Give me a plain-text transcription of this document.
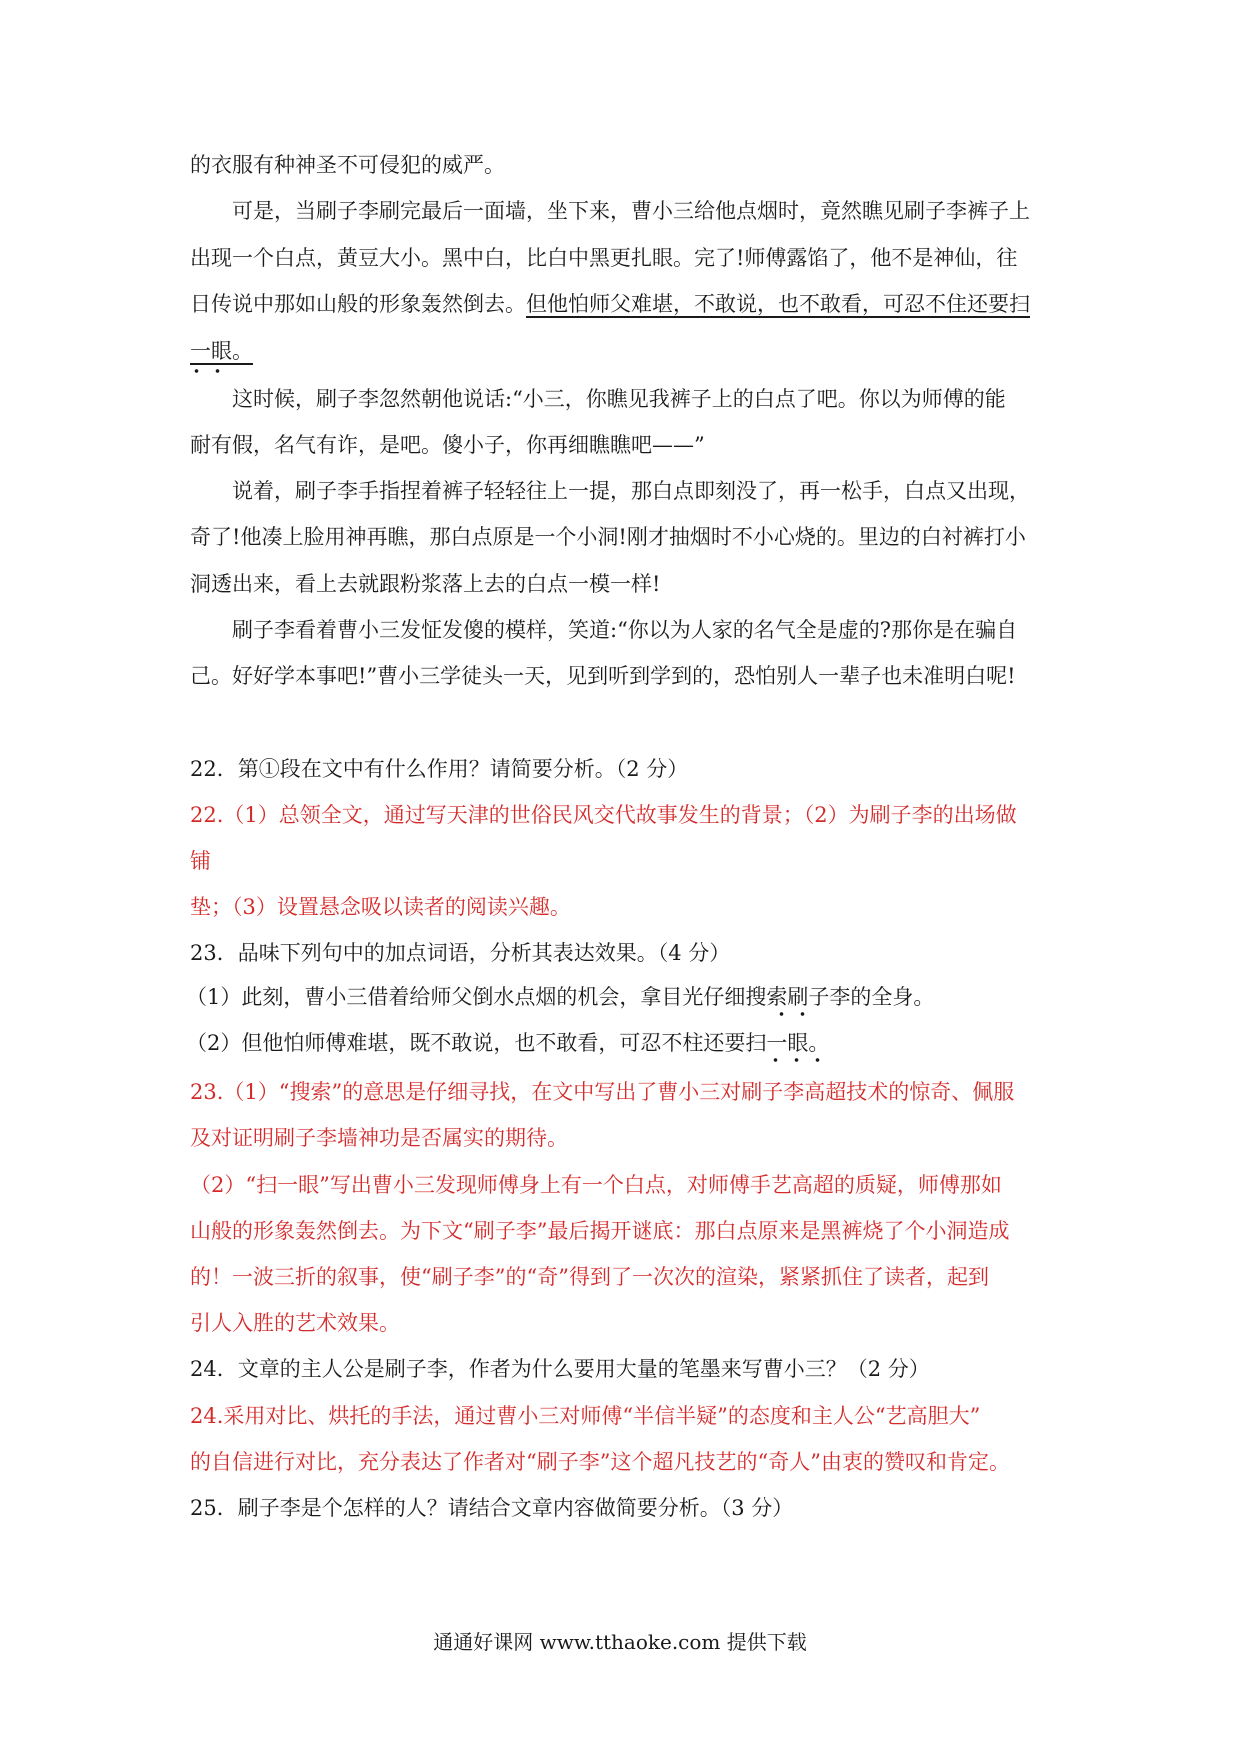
的衣服有种神圣不可侵犯的威严。
可是，当刷子李刷完最后一面墙，坐下来，曹小三给他点烟时，竟然瞧见刷子李裤子上
出现一个白点，黄豆大小。黑中白，比白中黑更扎眼。完了!师傅露馅了，他不是神仙，往
日传说中那如山般的形象轰然倒去。但他怕师父难堪，不敢说，也不敢看，可忍不住还要扫
一眼。
这时候，刷子李忽然朝他说话:“小三，你瞧见我裤子上的白点了吧。你以为师傅的能
耐有假，名气有诈，是吧。傻小子，你再细瞧瞧吧——”
说着，刷子李手指捏着裤子轻轻往上一提，那白点即刻没了，再一松手，白点又出现，
奇了!他凑上脸用神再瞧，那白点原是一个小洞!刚才抽烟时不小心烧的。里边的白衬裤打小
洞透出来，看上去就跟粉浆落上去的白点一模一样!
刷子李看着曹小三发怔发傻的模样，笑道:“你以为人家的名气全是虚的?那你是在骗自
己。好好学本事吧!”曹小三学徒头一天，见到听到学到的，恐怕别人一辈子也未准明白呢!
22．第①段在文中有什么作用？请简要分析。（2 分）
22.（1）总领全文，通过写天津的世俗民风交代故事发生的背景；（2）为刷子李的出场做
铺
垫；（3）设置悬念吸以读者的阅读兴趣。
23．品味下列句中的加点词语，分析其表达效果。（4 分）
（1）此刻，曹小三借着给师父倒水点烟的机会，拿目光仔细搜索刷子李的全身。
（2）但他怕师傅难堪，既不敢说，也不敢看，可忍不柱还要扫一眼。
23.（1）“搜索”的意思是仔细寻找，在文中写出了曹小三对刷子李高超技术的惊奇、佩服
及对证明刷子李墙神功是否属实的期待。
（2）“扫一眼”写出曹小三发现师傅身上有一个白点，对师傅手艺高超的质疑，师傅那如
山般的形象轰然倒去。为下文“刷子李”最后揭开谜底：那白点原来是黑裤烧了个小洞造成
的！一波三折的叙事，使“刷子李”的“奇”得到了一次次的渲染，紧紧抓住了读者，起到
引人入胜的艺术效果。
24．文章的主人公是刷子李，作者为什么要用大量的笔墨来写曹小三？（2 分）
24.采用对比、烘托的手法，通过曹小三对师傅“半信半疑”的态度和主人公“艺高胆大”
的自信进行对比，充分表达了作者对“刷子李”这个超凡技艺的“奇人”由衷的赞叹和肯定。
25．刷子李是个怎样的人？请结合文章内容做简要分析。（3 分）
通通好课网 www.tthaoke.com 提供下载
